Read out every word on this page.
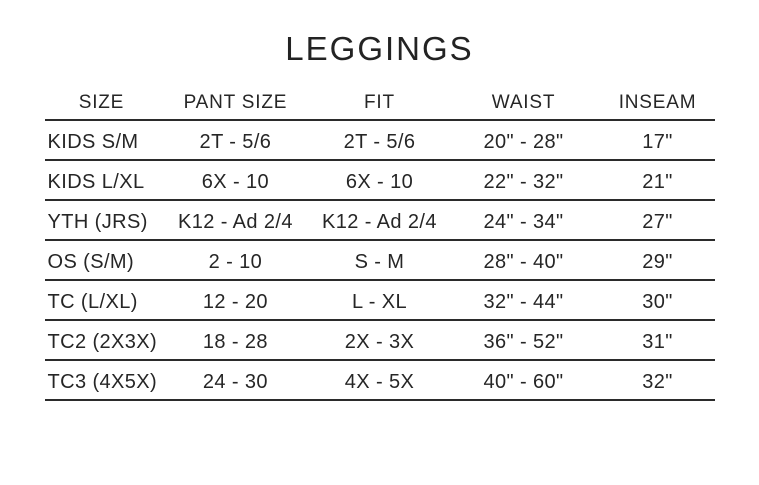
LEGGINGS
SIZE	PANT SIZE	FIT	WAIST	INSEAM
KIDS S/M	2T - 5/6	2T - 5/6	20" - 28"	17"
KIDS L/XL	6X - 10	6X - 10	22" - 32"	21"
YTH (JRS)	K12 - Ad 2/4	K12 - Ad 2/4	24" - 34"	27"
OS (S/M)	2 - 10	S - M	28" - 40"	29"
TC (L/XL)	12 - 20	L - XL	32" - 44"	30"
TC2 (2X3X)	18 - 28	2X - 3X	36" - 52"	31"
TC3 (4X5X)	24 - 30	4X - 5X	40" - 60"	32"
